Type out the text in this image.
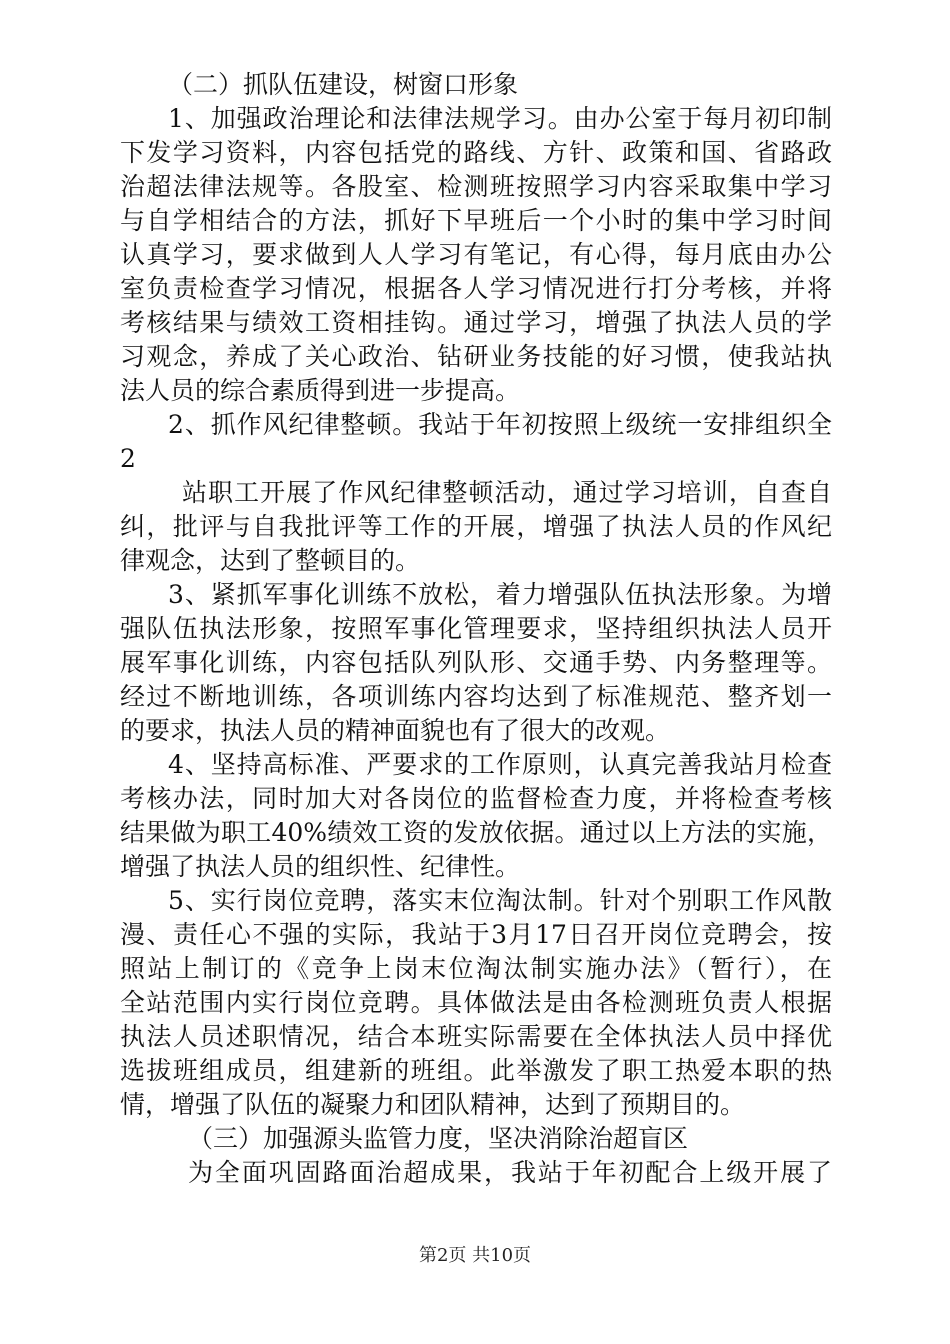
（二）抓队伍建设，树窗口形象
1、加强政治理论和法律法规学习。由办公室于每月初印制
下发学习资料，内容包括党的路线、方针、政策和国、省路政
治超法律法规等。各股室、检测班按照学习内容采取集中学习
与自学相结合的方法，抓好下早班后一个小时的集中学习时间
认真学习，要求做到人人学习有笔记，有心得，每月底由办公
室负责检查学习情况，根据各人学习情况进行打分考核，并将
考核结果与绩效工资相挂钩。通过学习，增强了执法人员的学
习观念，养成了关心政治、钻研业务技能的好习惯，使我站执
法人员的综合素质得到进一步提高。
2、抓作风纪律整顿。我站于年初按照上级统一安排组织全
2
站职工开展了作风纪律整顿活动，通过学习培训，自查自
纠，批评与自我批评等工作的开展，增强了执法人员的作风纪
律观念，达到了整顿目的。
3、紧抓军事化训练不放松，着力增强队伍执法形象。为增
强队伍执法形象，按照军事化管理要求，坚持组织执法人员开
展军事化训练，内容包括队列队形、交通手势、内务整理等。
经过不断地训练，各项训练内容均达到了标准规范、整齐划一
的要求，执法人员的精神面貌也有了很大的改观。
4、坚持高标准、严要求的工作原则，认真完善我站月检查
考核办法，同时加大对各岗位的监督检查力度，并将检查考核
结果做为职工40%绩效工资的发放依据。通过以上方法的实施，
增强了执法人员的组织性、纪律性。
5、实行岗位竞聘，落实末位淘汰制。针对个别职工作风散
漫、责任心不强的实际，我站于3月17日召开岗位竞聘会，按
照站上制订的《竞争上岗末位淘汰制实施办法》（暂行），在
全站范围内实行岗位竞聘。具体做法是由各检测班负责人根据
执法人员述职情况，结合本班实际需要在全体执法人员中择优
选拔班组成员，组建新的班组。此举激发了职工热爱本职的热
情，增强了队伍的凝聚力和团队精神，达到了预期目的。
（三）加强源头监管力度，坚决消除治超盲区
为全面巩固路面治超成果，我站于年初配合上级开展了
第2页 共10页
